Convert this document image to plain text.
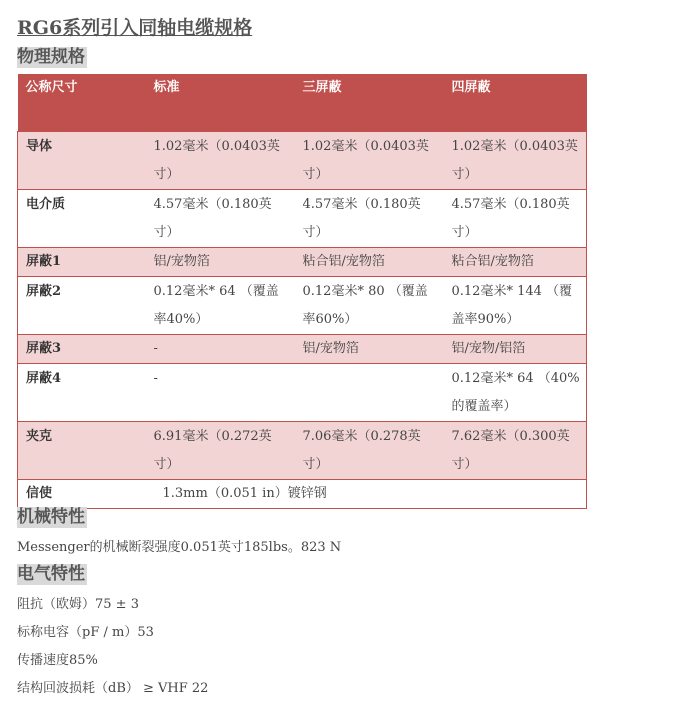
RG6系列引入同轴电缆规格
物理规格
公称尺寸	标准	三屏蔽	四屏蔽
导体	1.02毫米（0.0403英寸）	1.02毫米（0.0403英寸）	1.02毫米（0.0403英寸）
电介质	4.57毫米（0.180英寸）	4.57毫米（0.180英寸）	4.57毫米（0.180英寸）
屏蔽1	铝/宠物箔	粘合铝/宠物箔	粘合铝/宠物箔
屏蔽2	0.12毫米* 64 （覆盖率40%）	0.12毫米* 80 （覆盖率60%）	0.12毫米* 144 （覆盖率90%）
屏蔽3	-	铝/宠物箔	铝/宠物/铝箔
屏蔽4	-		0.12毫米* 64 （40%的覆盖率）
夹克	6.91毫米（0.272英寸）	7.06毫米（0.278英寸）	7.62毫米（0.300英寸）
信使	1.3mm（0.051 in）镀锌钢		
机械特性

Messenger的机械断裂强度0.051英寸185lbs。823 N

电气特性

阻抗（欧姆）75 ± 3

标称电容（pF / m）53

传播速度85%

结构回波损耗（dB） ≥ VHF 22
